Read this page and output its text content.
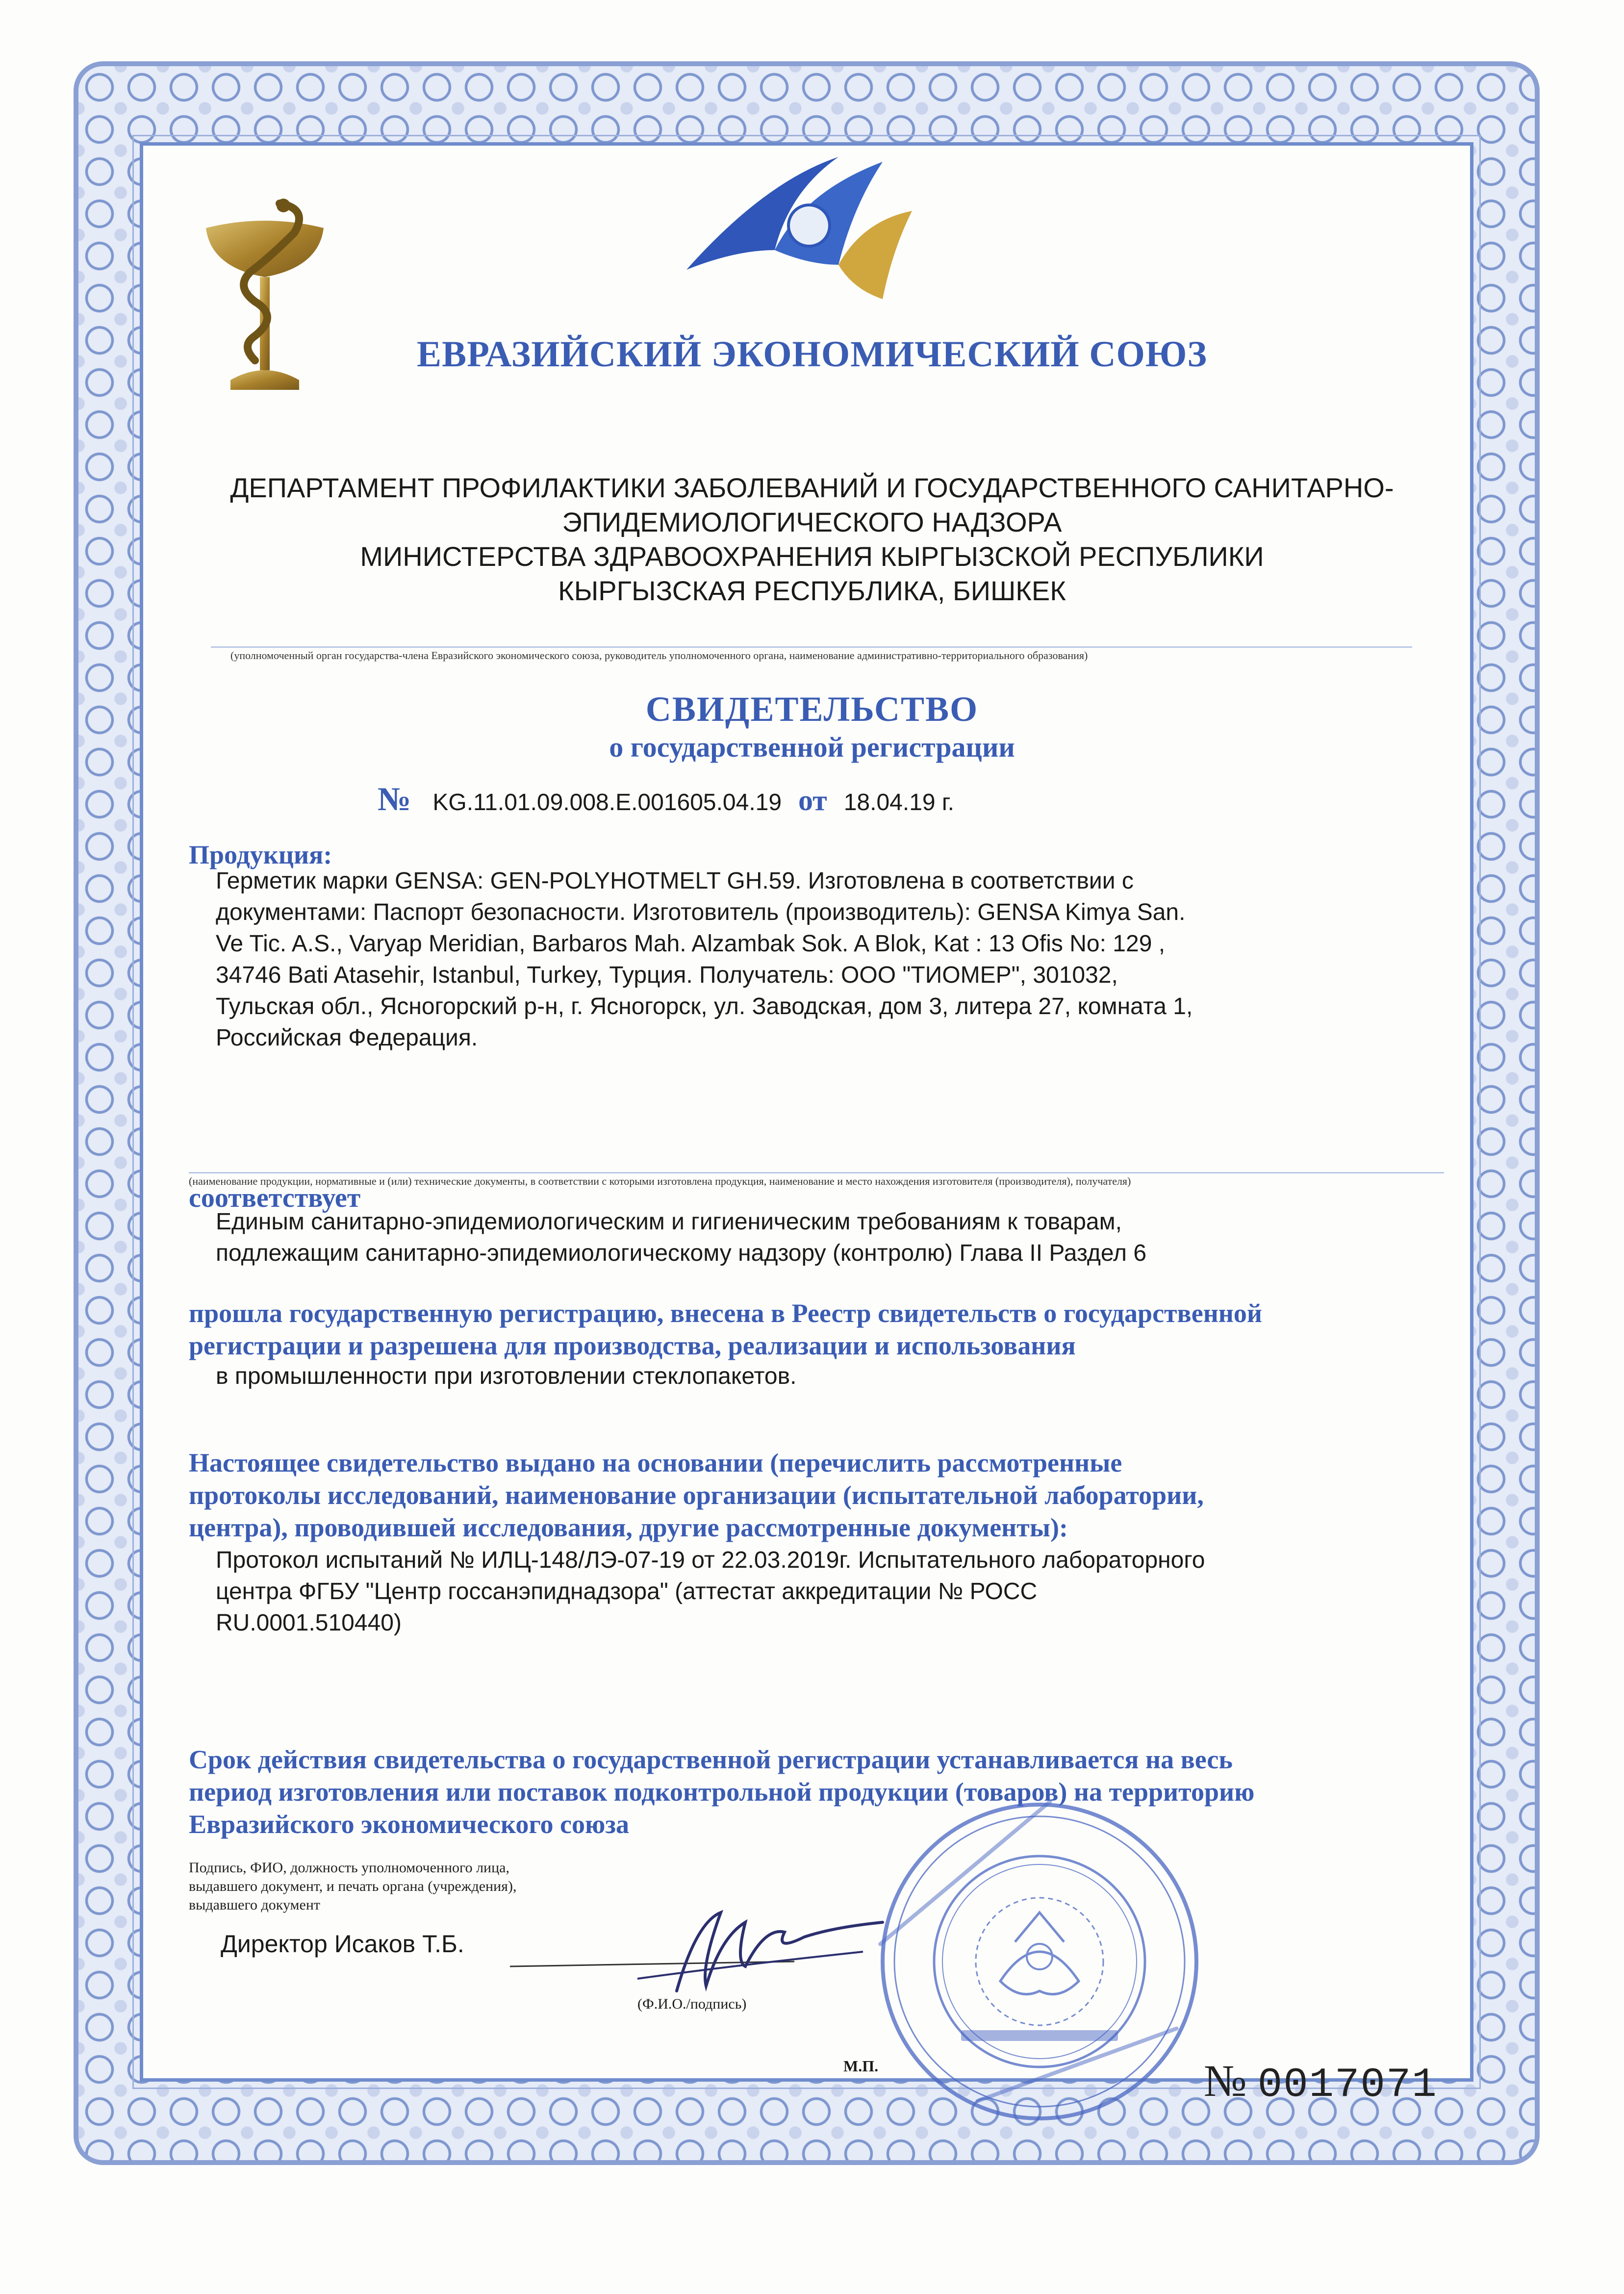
ЕВРАЗИЙСКИЙ ЭКОНОМИЧЕСКИЙ СОЮЗ
ДЕПАРТАМЕНТ ПРОФИЛАКТИКИ ЗАБОЛЕВАНИЙ И ГОСУДАРСТВЕННОГО САНИТАРНО-
ЭПИДЕМИОЛОГИЧЕСКОГО НАДЗОРА
МИНИСТЕРСТВА ЗДРАВООХРАНЕНИЯ КЫРГЫЗСКОЙ РЕСПУБЛИКИ
КЫРГЫЗСКАЯ РЕСПУБЛИКА, БИШКЕК
(уполномоченный орган государства-члена Евразийского экономического союза, руководитель уполномоченного органа, наименование административно-территориального образования)
СВИДЕТЕЛЬСТВО
о государственной регистрации
№ KG.11.01.09.008.E.001605.04.19 от 18.04.19 г.
Продукция:
Герметик марки GENSA: GEN-POLYHOTMELT GH.59. Изготовлена в соответствии с
документами: Паспорт безопасности. Изготовитель (производитель): GENSA Kimya San.
Ve Tic. A.S., Varyap Meridian, Barbaros Mah. Alzambak Sok. A Blok, Kat : 13 Ofis No: 129 ,
34746 Bati Atasehir, Istanbul, Turkey, Турция. Получатель: ООО "ТИОМЕР", 301032,
Тульская обл., Ясногорский р-н, г. Ясногорск, ул. Заводская, дом 3, литера 27, комната 1,
Российская Федерация.
(наименование продукции, нормативные и (или) технические документы, в соответствии с которыми изготовлена продукция, наименование и место нахождения изготовителя (производителя), получателя)
соответствует
Единым санитарно-эпидемиологическим и гигиеническим требованиям к товарам,
подлежащим санитарно-эпидемиологическому надзору (контролю) Глава II Раздел 6
прошла государственную регистрацию, внесена в Реестр свидетельств о государственной
регистрации и разрешена для производства, реализации и использования
в промышленности при изготовлении стеклопакетов.
Настоящее свидетельство выдано на основании (перечислить рассмотренные
протоколы исследований, наименование организации (испытательной лаборатории,
центра), проводившей исследования, другие рассмотренные документы):
Протокол испытаний № ИЛЦ-148/ЛЭ-07-19 от 22.03.2019г. Испытательного лабораторного
центра ФГБУ "Центр госсанэпиднадзора" (аттестат аккредитации № РОСС
RU.0001.510440)
Срок действия свидетельства о государственной регистрации устанавливается на весь
период изготовления или поставок подконтрольной продукции (товаров) на территорию
Евразийского экономического союза
Подпись, ФИО, должность уполномоченного лица,
выдавшего документ, и печать органа (учреждения),
выдавшего документ
Директор Исаков Т.Б.
(Ф.И.О./подпись)
М.П.	№ 0017071
